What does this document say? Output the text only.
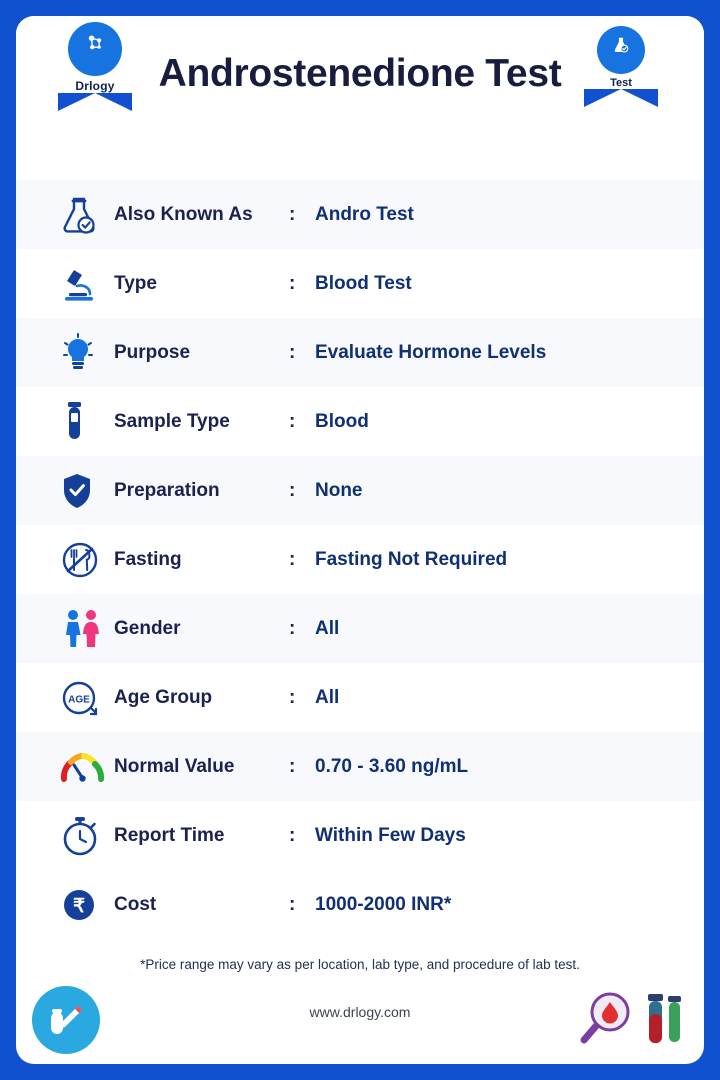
Drlogy	Androstenedione Test	Test
Also Known As	:	Andro Test
Type	:	Blood Test
Purpose	:	Evaluate Hormone Levels
Sample Type	:	Blood
Preparation	:	None
Fasting	:	Fasting Not Required
Gender	:	All
AGE Age Group	:	All
Normal Value	:	0.70 - 3.60 ng/mL
Report Time	:	Within Few Days
₹ Cost	:	1000-2000 INR*
*Price range may vary as per location, lab type, and procedure of lab test.
www.drlogy.com
